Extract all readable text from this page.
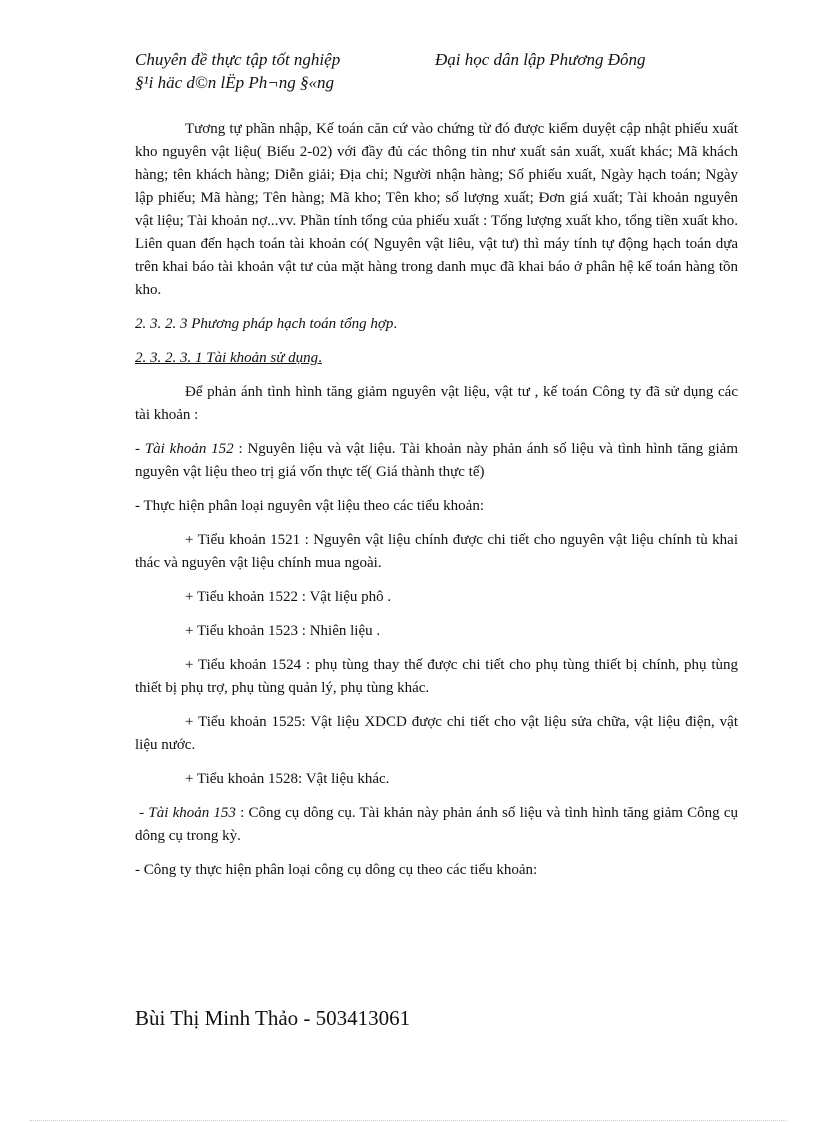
Chuyên đề thực tập tốt nghiệp	Đại học dân lập Phương Đông
§¹i häc d©n lËp Ph¬ng §«ng

Tương tự phần nhập, Kế toán căn cứ vào chứng từ đó được kiểm duyệt cập nhật phiếu xuất kho nguyên vật liệu( Biểu 2-02) với đầy đủ các thông tin như xuất sản xuất, xuất khác; Mã khách hàng; tên khách hàng; Diễn giải; Địa chỉ; Người nhận hàng; Số phiếu xuất, Ngày hạch toán; Ngày lập phiếu; Mã hàng; Tên hàng; Mã kho; Tên kho; số lượng xuất; Đơn giá xuất; Tài khoản nguyên vật liệu; Tài khoản nợ...vv. Phần tính tổng của phiếu xuất : Tổng lượng xuất kho, tổng tiền xuất kho. Liên quan đến hạch toán tài khoản có( Nguyên vật liêu, vật tư) thì máy tính tự động hạch toán dựa trên khai báo tài khoản vật tư của mặt hàng trong danh mục đã khai báo ở phân hệ kế toán hàng tồn kho.

2. 3. 2. 3 Phương pháp hạch toán tổng hợp.

2. 3. 2. 3. 1 Tài khoản sử dụng.

Để phản ánh tình hình tăng giảm nguyên vật liệu, vật tư , kế toán Công ty đã sử dụng các tài khoản :

- Tài khoản 152 : Nguyên liệu và vật liệu. Tài khoản này phản ánh số liệu và tình hình tăng giảm nguyên vật liệu theo trị giá vốn thực tế( Giá thành thực tế)

- Thực hiện phân loại nguyên vật liệu theo các tiểu khoản:

+ Tiểu khoản 1521 : Nguyên vật liệu chính được chi tiết cho nguyên vật liệu chính tù khai thác và nguyên vật liệu chính mua ngoài.

+ Tiểu khoản 1522 : Vật liệu phô .

+ Tiểu khoản 1523 : Nhiên liệu .

+ Tiểu khoản 1524 : phụ tùng thay thế được chi tiết cho phụ tùng thiết bị chính, phụ tùng thiết bị phụ trợ, phụ tùng quản lý, phụ tùng khác.

+ Tiểu khoản 1525: Vật liệu XDCD được chi tiết cho vật liệu sửa chữa, vật liệu điện, vật liệu nước.

+ Tiểu khoản 1528: Vật liệu khác.

- Tài khoản 153 : Công cụ dông cụ. Tài khản này phản ánh số liệu và tình hình tăng giảm Công cụ dông cụ trong kỳ.

- Công ty thực hiện phân loại công cụ dông cụ theo các tiểu khoản:

Bùi Thị Minh Thảo - 503413061
